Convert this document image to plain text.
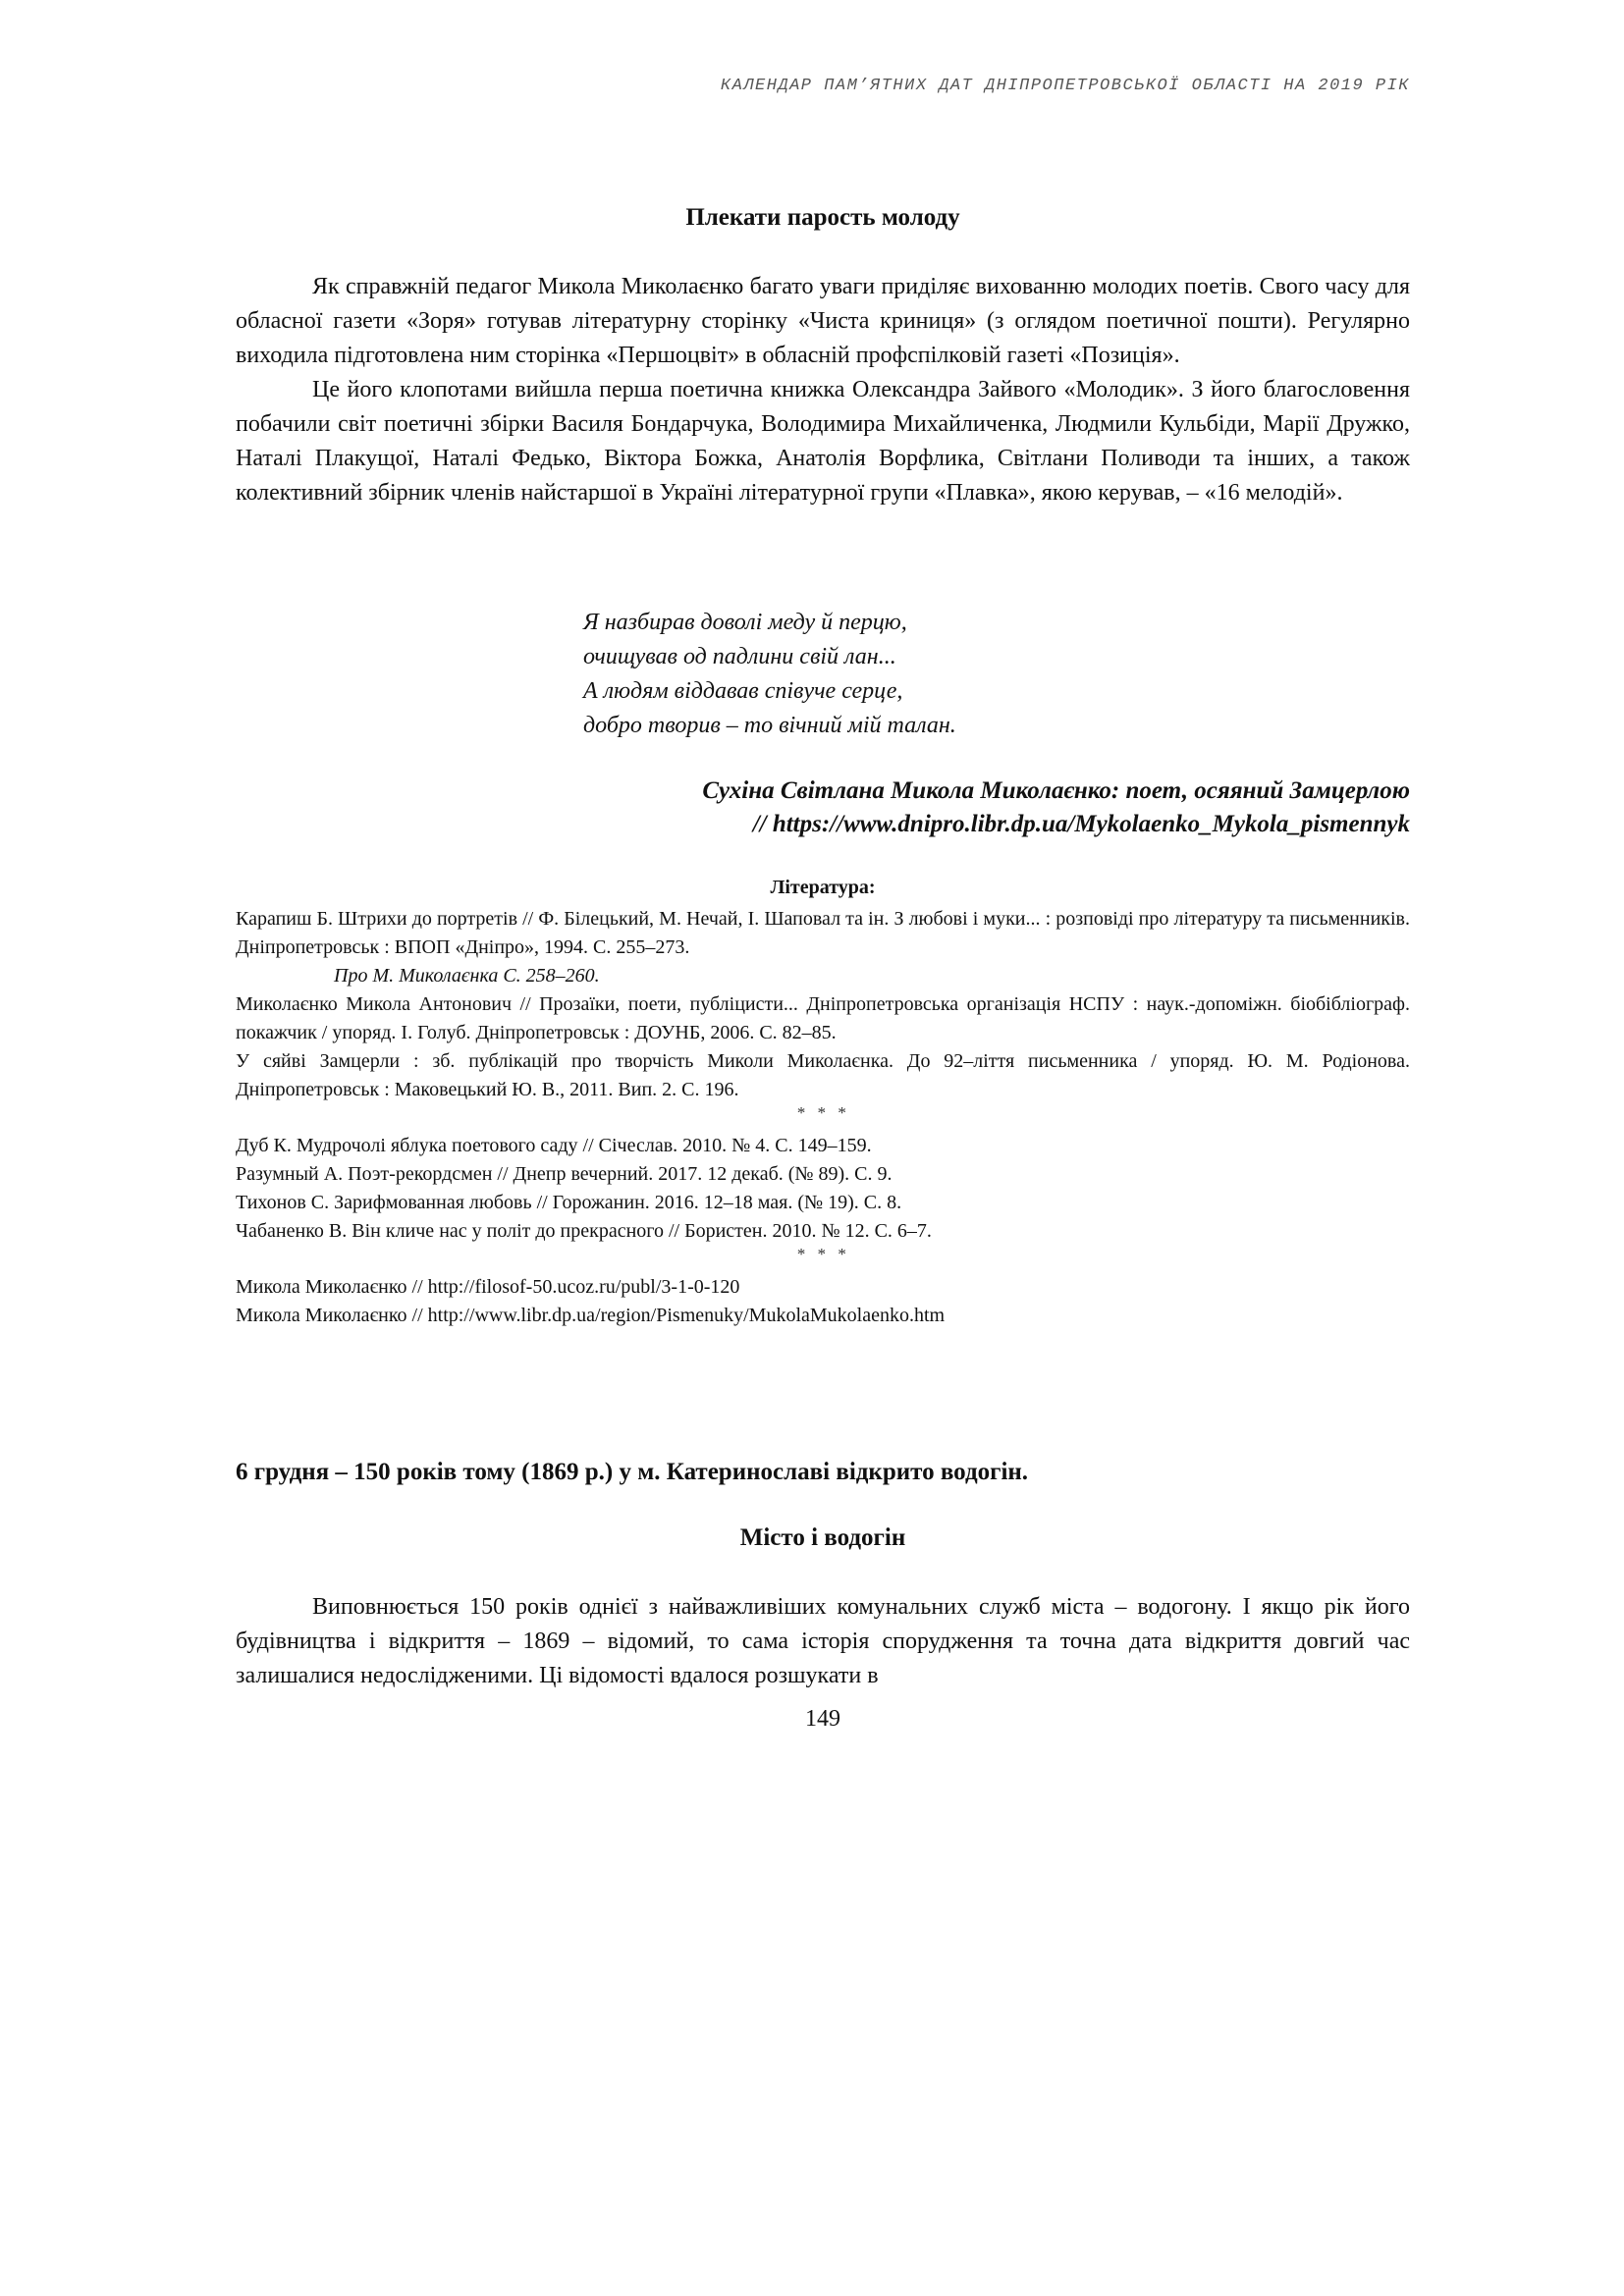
КАЛЕНДАР ПАМ’ЯТНИХ ДАТ ДНІПРОПЕТРОВСЬКОЇ ОБЛАСТІ НА 2019 РІК
Плекати парость молоду

Як справжній педагог Микола Миколаєнко багато уваги приділяє вихованню молодих поетів. Свого часу для обласної газети «Зоря» готував літературну сторінку «Чиста криниця» (з оглядом поетичної пошти). Регулярно виходила підготовлена ним сторінка «Першоцвіт» в обласній профспілковій газеті «Позиція».

Це його клопотами вийшла перша поетична книжка Олександра Зайвого «Молодик». З його благословення побачили світ поетичні збірки Василя Бондарчука, Володимира Михайличенка, Людмили Кульбіди, Марії Дружко, Наталі Плакущої, Наталі Федько, Віктора Божка, Анатолія Ворфлика, Світлани Поливоди та інших, а також колективний збірник членів найстаршої в Україні літературної групи «Плавка», якою керував, – «16 мелодій».

Я назбирав доволі меду й перцю,
очищував од падлини свій лан...
А людям віддавав співуче серце,
добро творив – то вічний мій талан.
Сухіна Світлана Микола Миколаєнко: поет, осяяний Замцерлою
// https://www.dnipro.libr.dp.ua/Mykolaenko_Mykola_pismennyk
Література:

Карапиш Б. Штрихи до портретів // Ф. Білецький, М. Нечай, І. Шаповал та ін. З любові і муки... : розповіді про літературу та письменників. Дніпропетровськ : ВПОП «Дніпро», 1994. С. 255–273.

Про М. Миколаєнка С. 258–260.

Миколаєнко Микола Антонович // Прозаїки, поети, публіцисти... Дніпропетровська організація НСПУ : наук.-допоміжн. біобібліограф. покажчик / упоряд. І. Голуб. Дніпропетровськ : ДОУНБ, 2006. С. 82–85.

У сяйві Замцерли : зб. публікацій про творчість Миколи Миколаєнка. До 92–ліття письменника / упоряд. Ю. М. Родіонова. Дніпропетровськ : Маковецький Ю. В., 2011. Вип. 2. С. 196.

* * *

Дуб К. Мудрочолі яблука поетового саду // Січеслав. 2010. № 4. С. 149–159.

Разумный А. Поэт-рекордсмен // Днепр вечерний. 2017. 12 декаб. (№ 89). С. 9.

Тихонов С. Зарифмованная любовь // Горожанин. 2016. 12–18 мая. (№ 19). С. 8.

Чабаненко В. Він кличе нас у політ до прекрасного // Бористен. 2010. № 12. С. 6–7.

* * *

Микола Миколаєнко // http://filosof-50.ucoz.ru/publ/3-1-0-120

Микола Миколаєнко // http://www.libr.dp.ua/region/Pismenuky/MukolaMukolaenko.htm

6 грудня – 150 років тому (1869 р.) у м. Катеринославі відкрито водогін.
Місто і водогін

Виповнюється 150 років однієї з найважливіших комунальних служб міста – водогону. І якщо рік його будівництва і відкриття – 1869 – відомий, то сама історія спорудження та точна дата відкриття довгий час залишалися недослідженими. Ці відомості вдалося розшукати в

149
